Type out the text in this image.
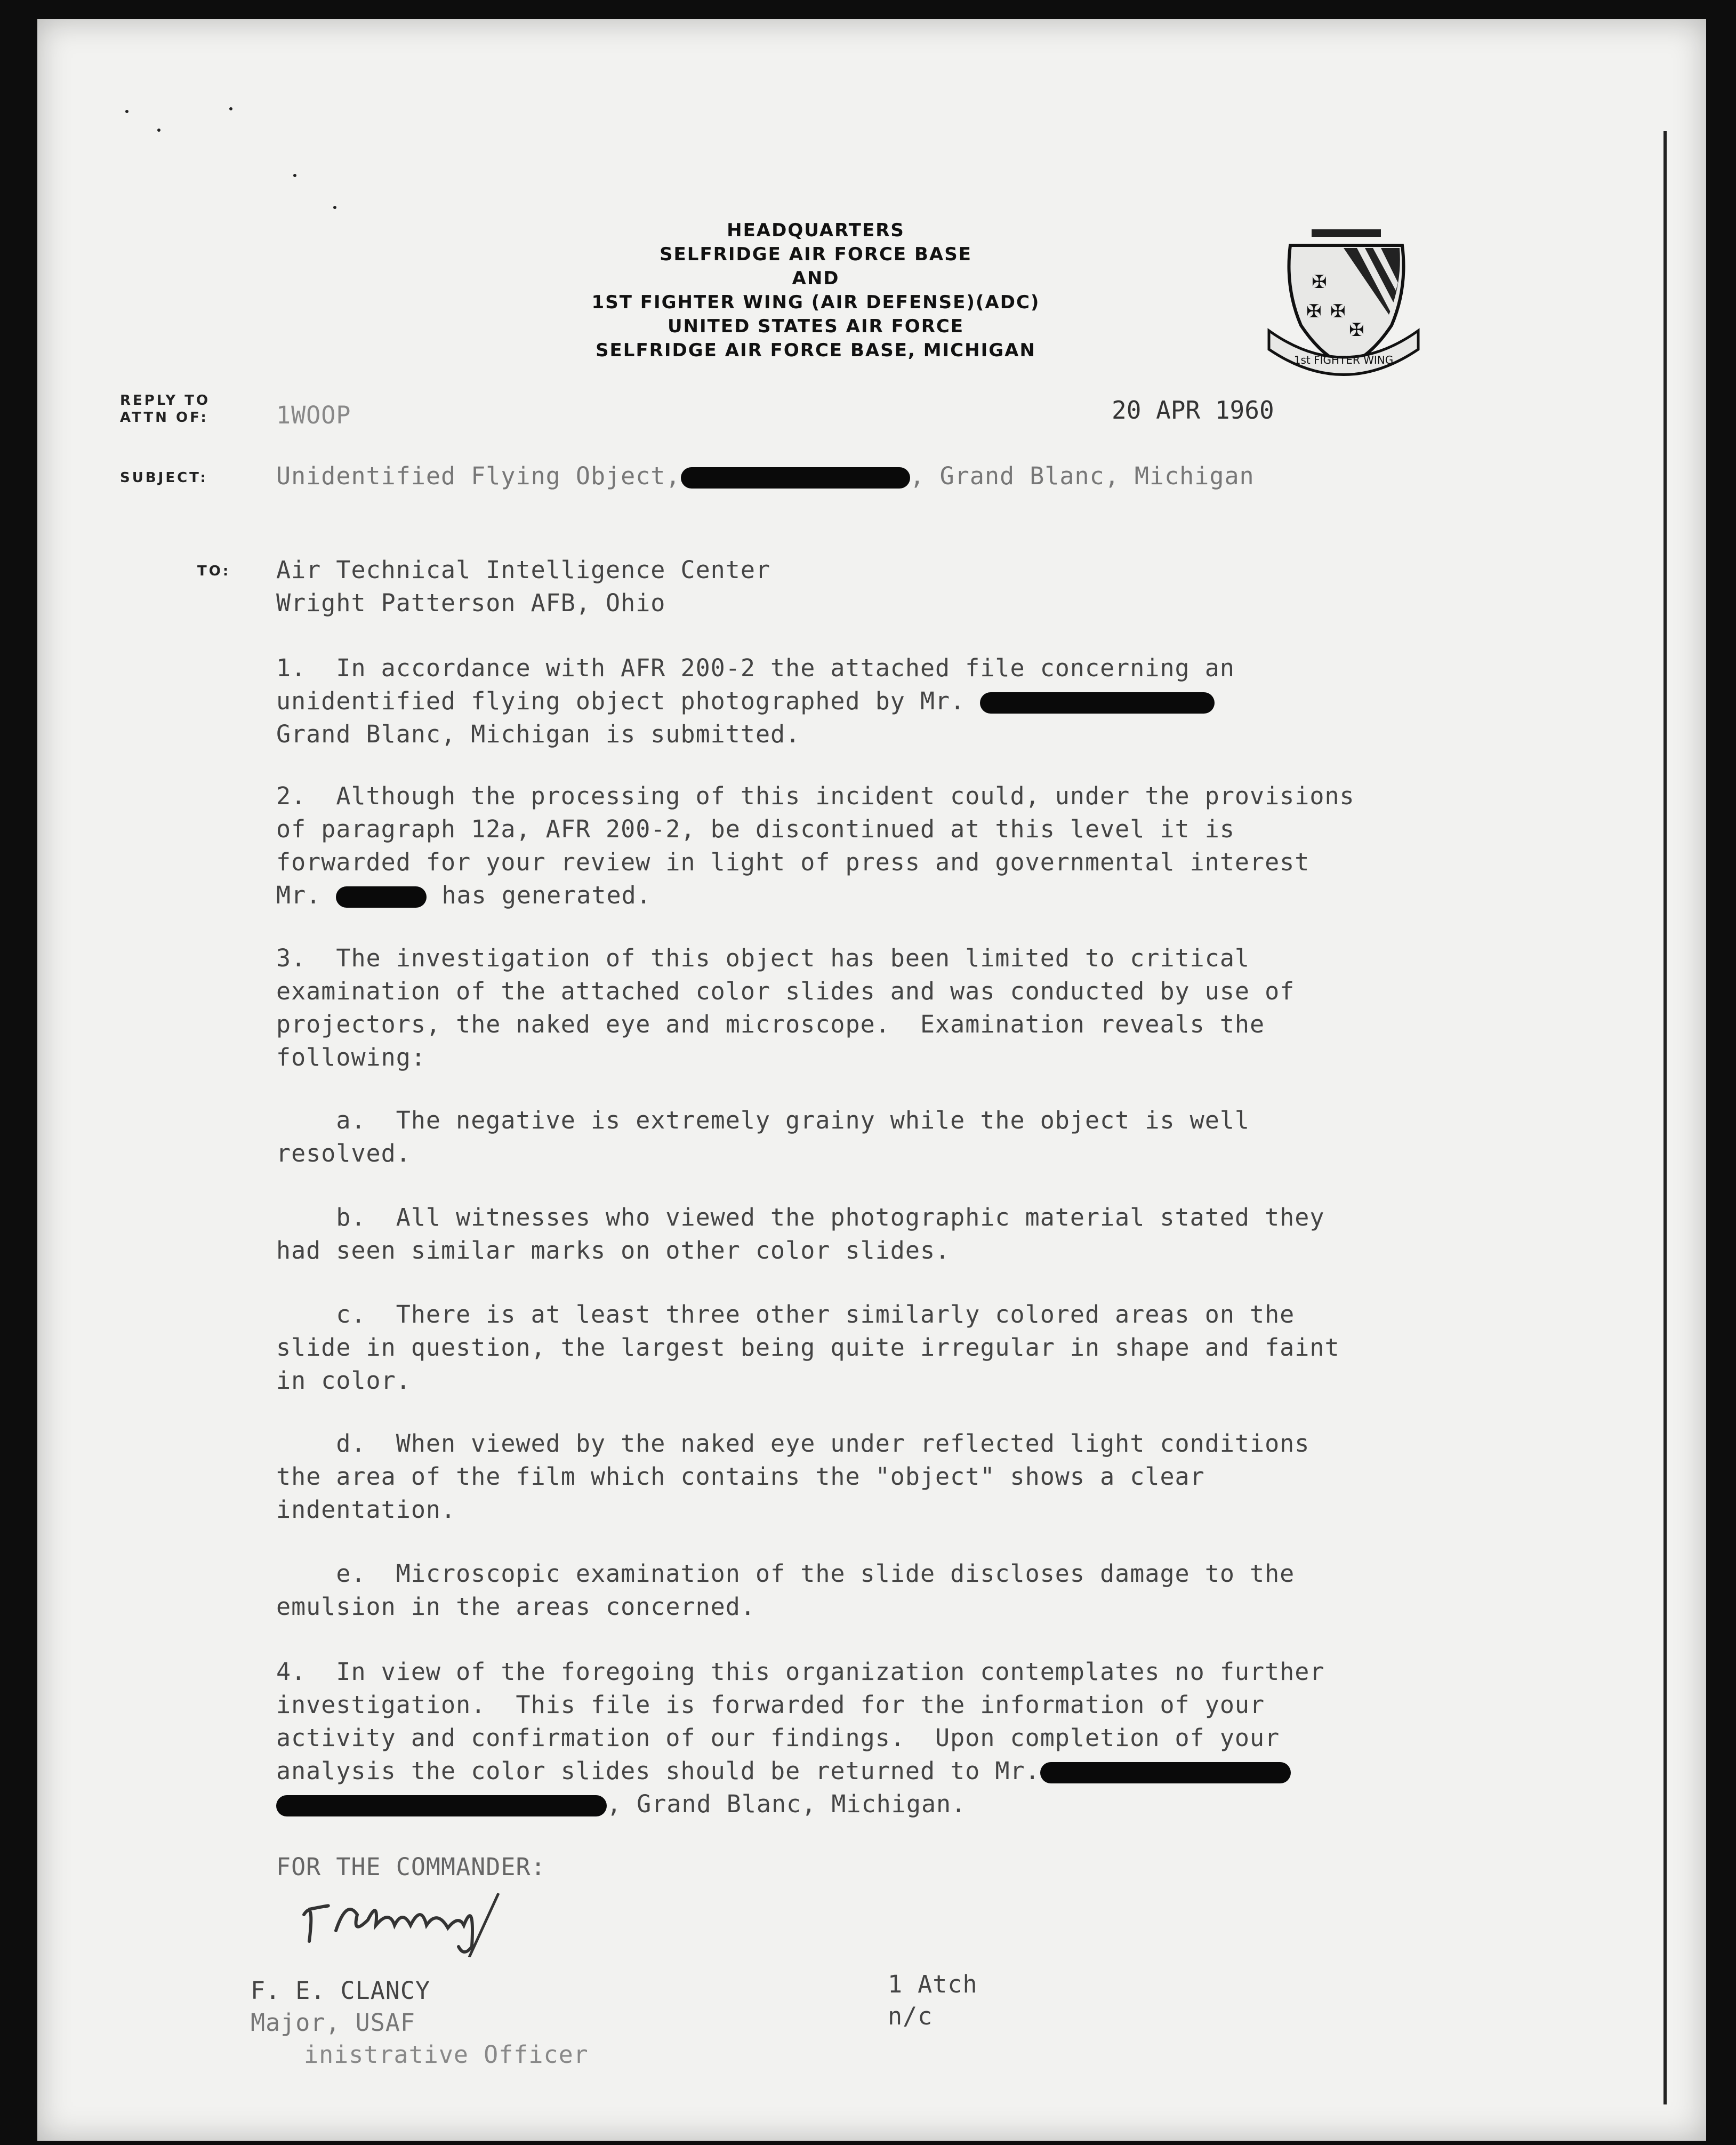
HEADQUARTERS
SELFRIDGE AIR FORCE BASE
AND
1ST FIGHTER WING (AIR DEFENSE)(ADC)
UNITED STATES AIR FORCE
SELFRIDGE AIR FORCE BASE, MICHIGAN
✠
✠ ✠
✠
1st FIGHTER WING
REPLY TO
ATTN OF:	1WOOP	20 APR 1960
SUBJECT:	Unidentified Flying Object,	, Grand Blanc, Michigan
TO: Air Technical Intelligence Center
Wright Patterson AFB, Ohio
1.  In accordance with AFR 200-2 the attached file concerning an
unidentified flying object photographed by Mr.
Grand Blanc, Michigan is submitted.
2.  Although the processing of this incident could, under the provisions
of paragraph 12a, AFR 200-2, be discontinued at this level it is
forwarded for your review in light of press and governmental interest
Mr.	has generated.
3.  The investigation of this object has been limited to critical
examination of the attached color slides and was conducted by use of
projectors, the naked eye and microscope.  Examination reveals the
following:
a.  The negative is extremely grainy while the object is well
resolved.
b.  All witnesses who viewed the photographic material stated they
had seen similar marks on other color slides.
c.  There is at least three other similarly colored areas on the
slide in question, the largest being quite irregular in shape and faint
in color.
d.  When viewed by the naked eye under reflected light conditions
the area of the film which contains the "object" shows a clear
indentation.
e.  Microscopic examination of the slide discloses damage to the
emulsion in the areas concerned.
4.  In view of the foregoing this organization contemplates no further
investigation.  This file is forwarded for the information of your
activity and confirmation of our findings.  Upon completion of your
analysis the color slides should be returned to Mr.
, Grand Blanc, Michigan.
FOR THE COMMANDER:
F. E. CLANCY
Major, USAF
inistrative Officer
1 Atch
n/c
